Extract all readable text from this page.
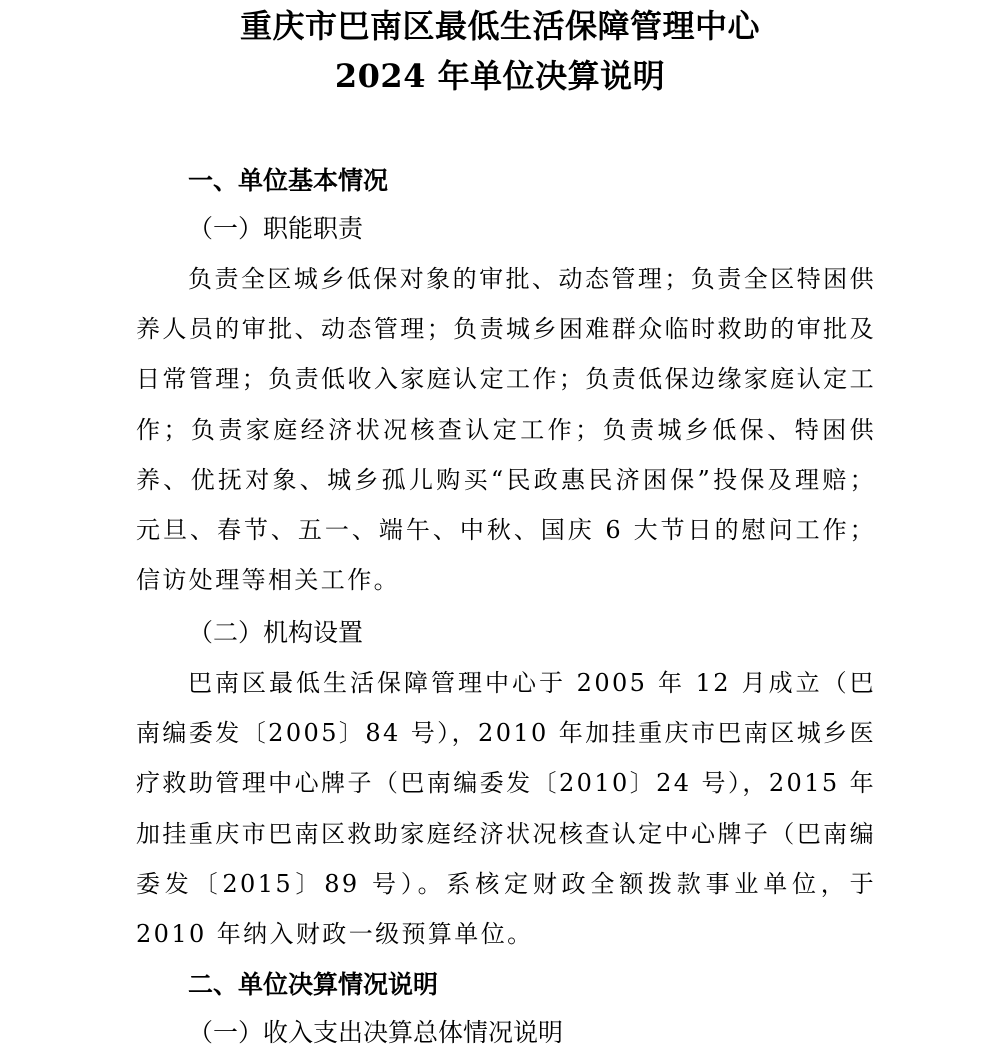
重庆市巴南区最低生活保障管理中心
2024 年单位决算说明
一、单位基本情况
（一）职能职责
负责全区城乡低保对象的审批、动态管理；负责全区特困供养人员的审批、动态管理；负责城乡困难群众临时救助的审批及日常管理；负责低收入家庭认定工作；负责低保边缘家庭认定工作；负责家庭经济状况核查认定工作；负责城乡低保、特困供养、优抚对象、城乡孤儿购买“民政惠民济困保”投保及理赔；元旦、春节、五一、端午、中秋、国庆 6 大节日的慰问工作；信访处理等相关工作。
（二）机构设置
巴南区最低生活保障管理中心于 2005 年 12 月成立（巴南编委发〔2005〕84 号），2010 年加挂重庆市巴南区城乡医疗救助管理中心牌子（巴南编委发〔2010〕24 号），2015 年加挂重庆市巴南区救助家庭经济状况核查认定中心牌子（巴南编委发〔2015〕89 号）。系核定财政全额拨款事业单位，于 2010 年纳入财政一级预算单位。
二、单位决算情况说明
（一）收入支出决算总体情况说明
